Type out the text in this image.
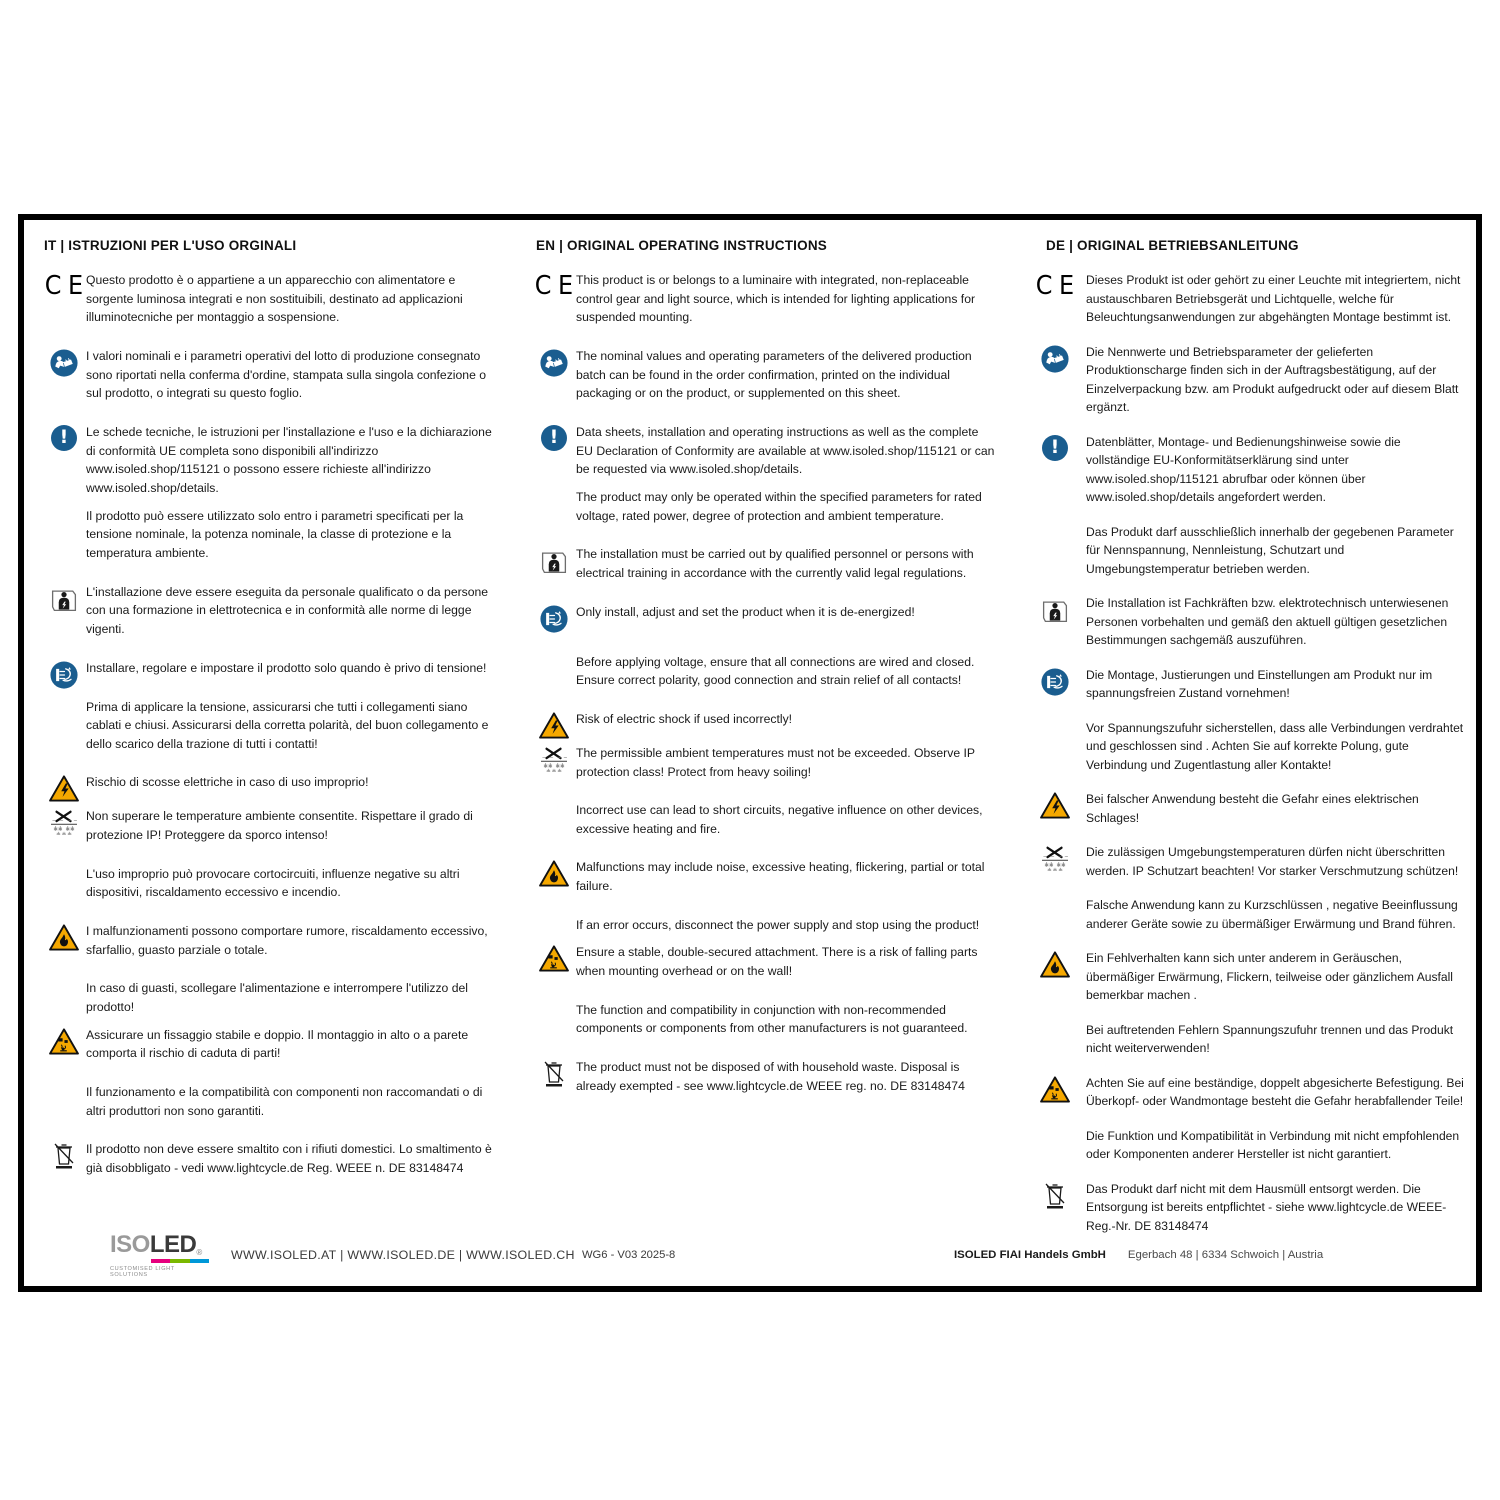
IT | ISTRUZIONI PER L'USO ORGINALI
C E Questo prodotto è o appartiene a un apparecchio con alimentatore e sorgente luminosa integrati e non sostituibili, destinato ad applicazioni illuminotecniche per montaggio a sospensione.
I valori nominali e i parametri operativi del lotto di produzione consegnato sono riportati nella conferma d'ordine, stampata sulla singola confezione o sul prodotto, o integrati su questo foglio.
! Le schede tecniche, le istruzioni per l'installazione e l'uso e la dichiarazione di conformità UE completa sono disponibili all'indirizzo www.isoled.shop/115121 o possono essere richieste all'indirizzo www.isoled.shop/details.
Il prodotto può essere utilizzato solo entro i parametri specificati per la tensione nominale, la potenza nominale, la classe di protezione e la temperatura ambiente.
L'installazione deve essere eseguita da personale qualificato o da persone con una formazione in elettrotecnica e in conformità alle norme di legge vigenti.
Installare, regolare e impostare il prodotto solo quando è privo di tensione!
Prima di applicare la tensione, assicurarsi che tutti i collegamenti siano cablati e chiusi. Assicurarsi della corretta polarità, del buon collegamento e dello scarico della trazione di tutti i contatti!
Rischio di scosse elettriche in caso di uso improprio!
~ ~ ~ ~ Non superare le temperature ambiente consentite. Rispettare il grado di protezione IP! Proteggere da sporco intenso!
L'uso improprio può provocare cortocircuiti, influenze negative su altri dispositivi, riscaldamento eccessivo e incendio.
I malfunzionamenti possono comportare rumore, riscaldamento eccessivo, sfarfallio, guasto parziale o totale.
In caso di guasti, scollegare l'alimentazione e interrompere l'utilizzo del prodotto!
Assicurare un fissaggio stabile e doppio. Il montaggio in alto o a parete comporta il rischio di caduta di parti!
Il funzionamento e la compatibilità con componenti non raccomandati o di altri produttori non sono garantiti.
Il prodotto non deve essere smaltito con i rifiuti domestici. Lo smaltimento è già disobbligato - vedi www.lightcycle.de Reg. WEEE n. DE 83148474
EN | ORIGINAL OPERATING INSTRUCTIONS
C E This product is or belongs to a luminaire with integrated, non-replaceable control gear and light source, which is intended for lighting applications for suspended mounting.
The nominal values and operating parameters of the delivered production batch can be found in the order confirmation, printed on the individual packaging or on the product, or supplemented on this sheet.
! Data sheets, installation and operating instructions as well as the complete EU Declaration of Conformity are available at www.isoled.shop/115121 or can be requested via www.isoled.shop/details.
The product may only be operated within the specified parameters for rated voltage, rated power, degree of protection and ambient temperature.
The installation must be carried out by qualified personnel or persons with electrical training in accordance with the currently valid legal regulations.
Only install, adjust and set the product when it is de-energized!
Before applying voltage, ensure that all connections are wired and closed. Ensure correct polarity, good connection and strain relief of all contacts!
Risk of electric shock if used incorrectly!
~ ~ ~ ~ The permissible ambient temperatures must not be exceeded. Observe IP protection class! Protect from heavy soiling!
Incorrect use can lead to short circuits, negative influence on other devices, excessive heating and fire.
Malfunctions may include noise, excessive heating, flickering, partial or total failure.
If an error occurs, disconnect the power supply and stop using the product!
Ensure a stable, double-secured attachment. There is a risk of falling parts when mounting overhead or on the wall!
The function and compatibility in conjunction with non-recommended components or components from other manufacturers is not guaranteed.
The product must not be disposed of with household waste. Disposal is already exempted - see www.lightcycle.de WEEE reg. no. DE 83148474
DE | ORIGINAL BETRIEBSANLEITUNG
C E Dieses Produkt ist oder gehört zu einer Leuchte mit integriertem, nicht austauschbaren Betriebsgerät und Lichtquelle, welche für Beleuchtungsanwendungen zur abgehängten Montage bestimmt ist.
Die Nennwerte und Betriebsparameter der gelieferten Produktionscharge finden sich in der Auftragsbestätigung, auf der Einzelverpackung bzw. am Produkt aufgedruckt oder auf diesem Blatt ergänzt.
! Datenblätter, Montage- und Bedienungshinweise sowie die vollständige EU-Konformitätserklärung sind unter www.isoled.shop/115121 abrufbar oder können über www.isoled.shop/details angefordert werden.
Das Produkt darf ausschließlich innerhalb der gegebenen Parameter für Nennspannung, Nennleistung, Schutzart und Umgebungstemperatur betrieben werden.
Die Installation ist Fachkräften bzw. elektrotechnisch unterwiesenen Personen vorbehalten und gemäß den aktuell gültigen gesetzlichen Bestimmungen sachgemäß auszuführen.
Die Montage, Justierungen und Einstellungen am Produkt nur im spannungsfreien Zustand vornehmen!
Vor Spannungszufuhr sicherstellen, dass alle Verbindungen verdrahtet und geschlossen sind . Achten Sie auf korrekte Polung, gute Verbindung und Zugentlastung aller Kontakte!
Bei falscher Anwendung besteht die Gefahr eines elektrischen Schlages!
~ ~ ~ ~ Die zulässigen Umgebungstemperaturen dürfen nicht überschritten werden. IP Schutzart beachten! Vor starker Verschmutzung schützen!
Falsche Anwendung kann zu Kurzschlüssen , negative Beeinflussung anderer Geräte sowie zu übermäßiger Erwärmung und Brand führen.
Ein Fehlverhalten kann sich unter anderem in Geräuschen, übermäßiger Erwärmung, Flickern, teilweise oder gänzlichem Ausfall bemerkbar machen .
Bei auftretenden Fehlern Spannungszufuhr trennen und das Produkt nicht weiterverwenden!
Achten Sie auf eine beständige, doppelt abgesicherte Befestigung. Bei Überkopf- oder Wandmontage besteht die Gefahr herabfallender Teile!
Die Funktion und Kompatibilität in Verbindung mit nicht empfohlenden oder Komponenten anderer Hersteller ist nicht garantiert.
Das Produkt darf nicht mit dem Hausmüll entsorgt werden. Die Entsorgung ist bereits entpflichtet - siehe www.lightcycle.de WEEE-Reg.-Nr. DE 83148474
ISO LED ®
CUSTOMISED LIGHT SOLUTIONS
WWW.ISOLED.AT | WWW.ISOLED.DE | WWW.ISOLED.CH WG6 - V03 2025-8	ISOLED FIAI Handels GmbH Egerbach 48 | 6334 Schwoich | Austria
